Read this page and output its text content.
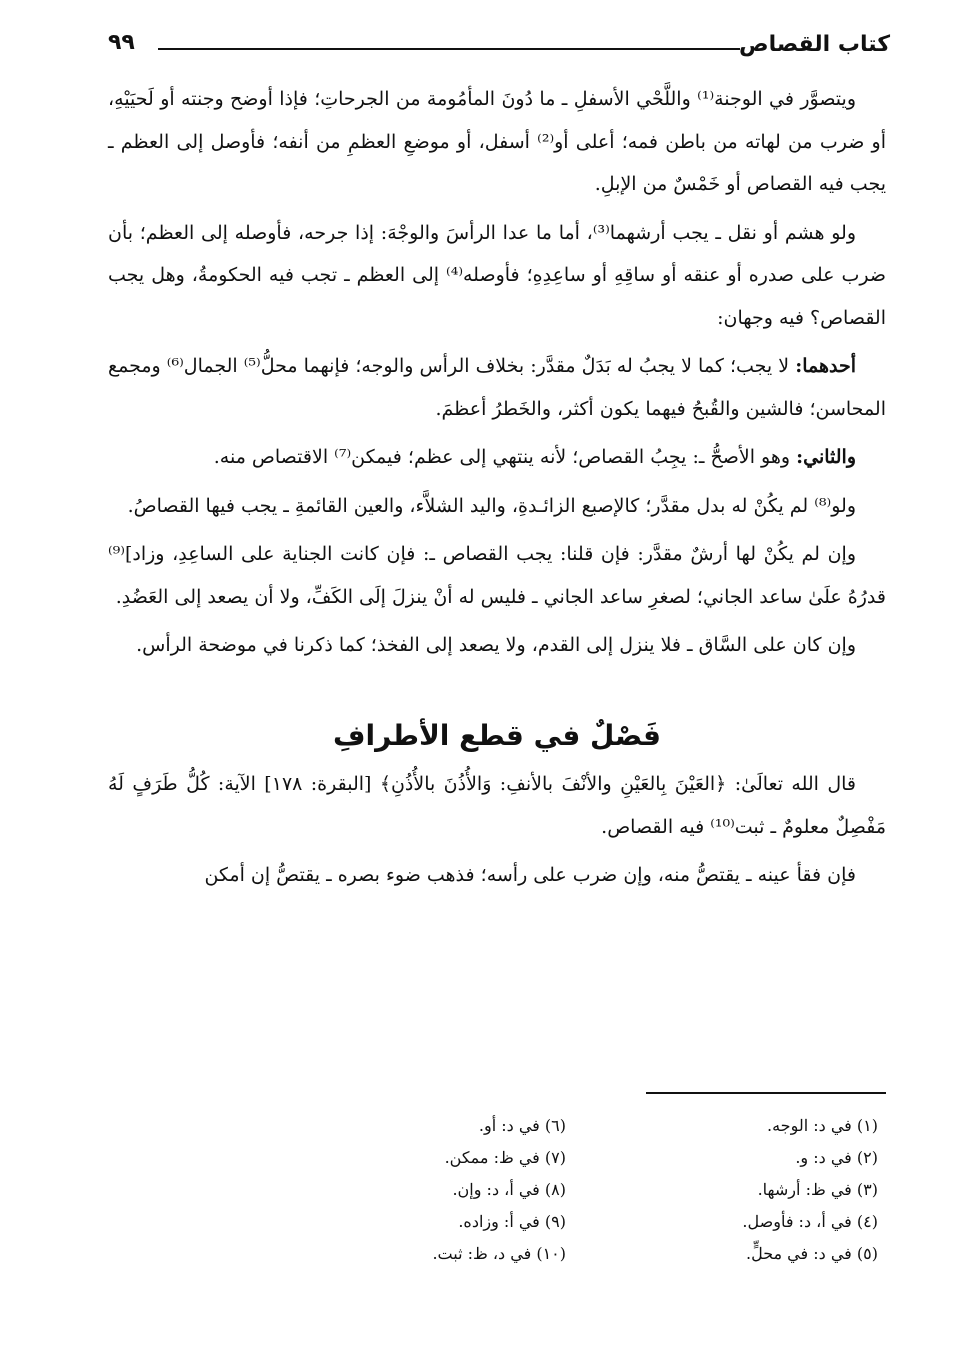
كتاب القصاص
٩٩

ويتصوَّر في الوجنة⁽¹⁾ واللَّحْي الأسفلِ ـ ما دُونَ المأمُومة من الجرحاتِ؛ فإذا أوضح وجنته أو لَحيَيْهِ، أو ضرب من لهاته من باطن فمه؛ أعلى أو⁽²⁾ أسفل، أو موضعِ العظمِ من أنفه؛ فأوصل إلى العظم ـ يجب فيه القصاص أو خَمْسٌ من الإبلِ.

ولو هشم أو نقل ـ يجب أرشهما⁽³⁾، أما ما عدا الرأسَ والوجْهَ: إذا جرحه، فأوصله إلى العظم؛ بأن ضرب على صدره أو عنقه أو ساقِهِ أو ساعِدِهِ؛ فأوصله⁽⁴⁾ إلى العظم ـ تجب فيه الحكومةُ، وهل يجب القصاص؟ فيه وجهان:

أحدهما: لا يجب؛ كما لا يجبُ له بَدَلٌ مقدَّر: بخلاف الرأس والوجه؛ فإنهما محلُّ⁽⁵⁾ الجمال⁽⁶⁾ ومجمع المحاسن؛ فالشين والقُبحُ فيهما يكون أكثر، والخَطرُ أعظمَ.

والثاني: وهو الأصحُّ ـ: يجِبُ القصاص؛ لأنه ينتهي إلى عظم؛ فيمكن⁽⁷⁾ الاقتصاص منه.

ولو⁽⁸⁾ لم يكُنْ له بدل مقدَّر؛ كالإصبع الزائـدةِ، واليد الشلاَّء، والعين القائمةِ ـ يجب فيها القصاصُ.

وإن لم يكُنْ لها أرشٌ مقدَّر: فإن قلنا: يجب القصاص ـ: فإن كانت الجناية على الساعِدِ، وزاد]⁽⁹⁾ قدرُهُ علَىٰ ساعد الجاني؛ لصغرِ ساعد الجاني ـ فليس له أنْ ينزلَ إلَى الكَفِّ، ولا أن يصعد إلى العَضُدِ.

وإن كان على السَّاق ـ فلا ينزل إلى القدم، ولا يصعد إلى الفخذ؛ كما ذكرنا في موضحة الرأس.

فَصْلٌ في قطع الأطرافِ

قال الله تعالَىٰ: ﴿العَيْنَ بِالعَيْنِ والأنْفَ بالأنفِ: وَالأُذُنَ بالأُذُنِ﴾ [البقرة: ١٧٨] الآية: كُلُّ طَرَفٍ لَهُ مَفْصِلٌ معلومٌ ـ ثبت⁽¹⁰⁾ فيه القصاص.

فإن فقأ عينه ـ يقتصُّ منه، وإن ضرب على رأسه؛ فذهب ضوء بصره ـ يقتصُّ إن أمكن

(١) في د: الوجه.
(٢) في د: و.
(٣) في ظ: أرشها.
(٤) في أ، د: فأوصل.
(٥) في د: في محلٍّ.
(٦) في د: أو.
(٧) في ظ: ممكن.
(٨) في أ، د: وإن.
(٩) في أ: وزاده.
(١٠) في د، ظ: ثبت.
